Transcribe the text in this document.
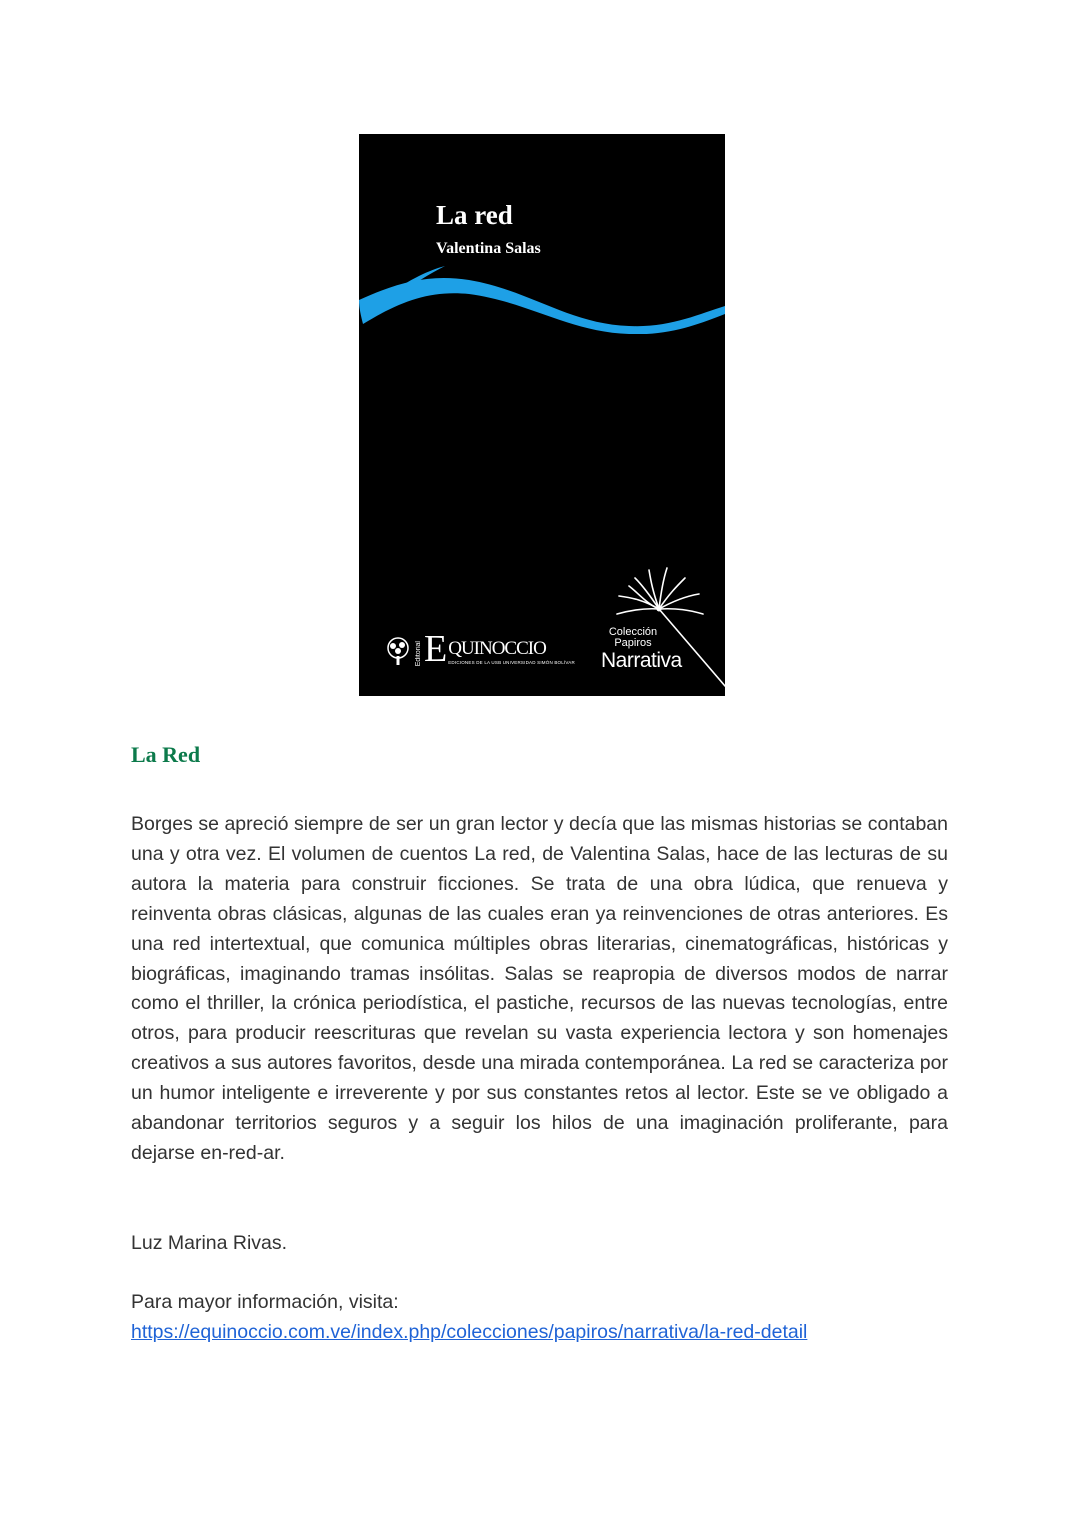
La red
Valentina Salas
Editorial E QUINOCCIO
EDICIONES DE LA USB UNIVERSIDAD SIMÓN BOLÍVAR
Colección
Papiros
Narrativa
La Red

Borges se apreció siempre de ser un gran lector y decía que las mismas historias se contaban una y otra vez. El volumen de cuentos La red, de Valentina Salas, hace de las lecturas de su autora la materia para construir ficciones. Se trata de una obra lúdica, que renueva y reinventa obras clásicas, algunas de las cuales eran ya reinvenciones de otras anteriores. Es una red intertextual, que comunica múltiples obras literarias, cinematográficas, históricas y biográficas, imaginando tramas insólitas. Salas se reapropia de diversos modos de narrar como el thriller, la crónica periodística, el pastiche, recursos de las nuevas tecnologías, entre otros, para producir reescrituras que revelan su vasta experiencia lectora y son homenajes creativos a sus autores favoritos, desde una mirada contemporánea. La red se caracteriza por un humor inteligente e irreverente y por sus constantes retos al lector. Este se ve obligado a abandonar territorios seguros y a seguir los hilos de una imaginación proliferante, para dejarse en-red-ar.

Luz Marina Rivas.

Para mayor información, visita:
https://equinoccio.com.ve/index.php/colecciones/papiros/narrativa/la-red-detail
